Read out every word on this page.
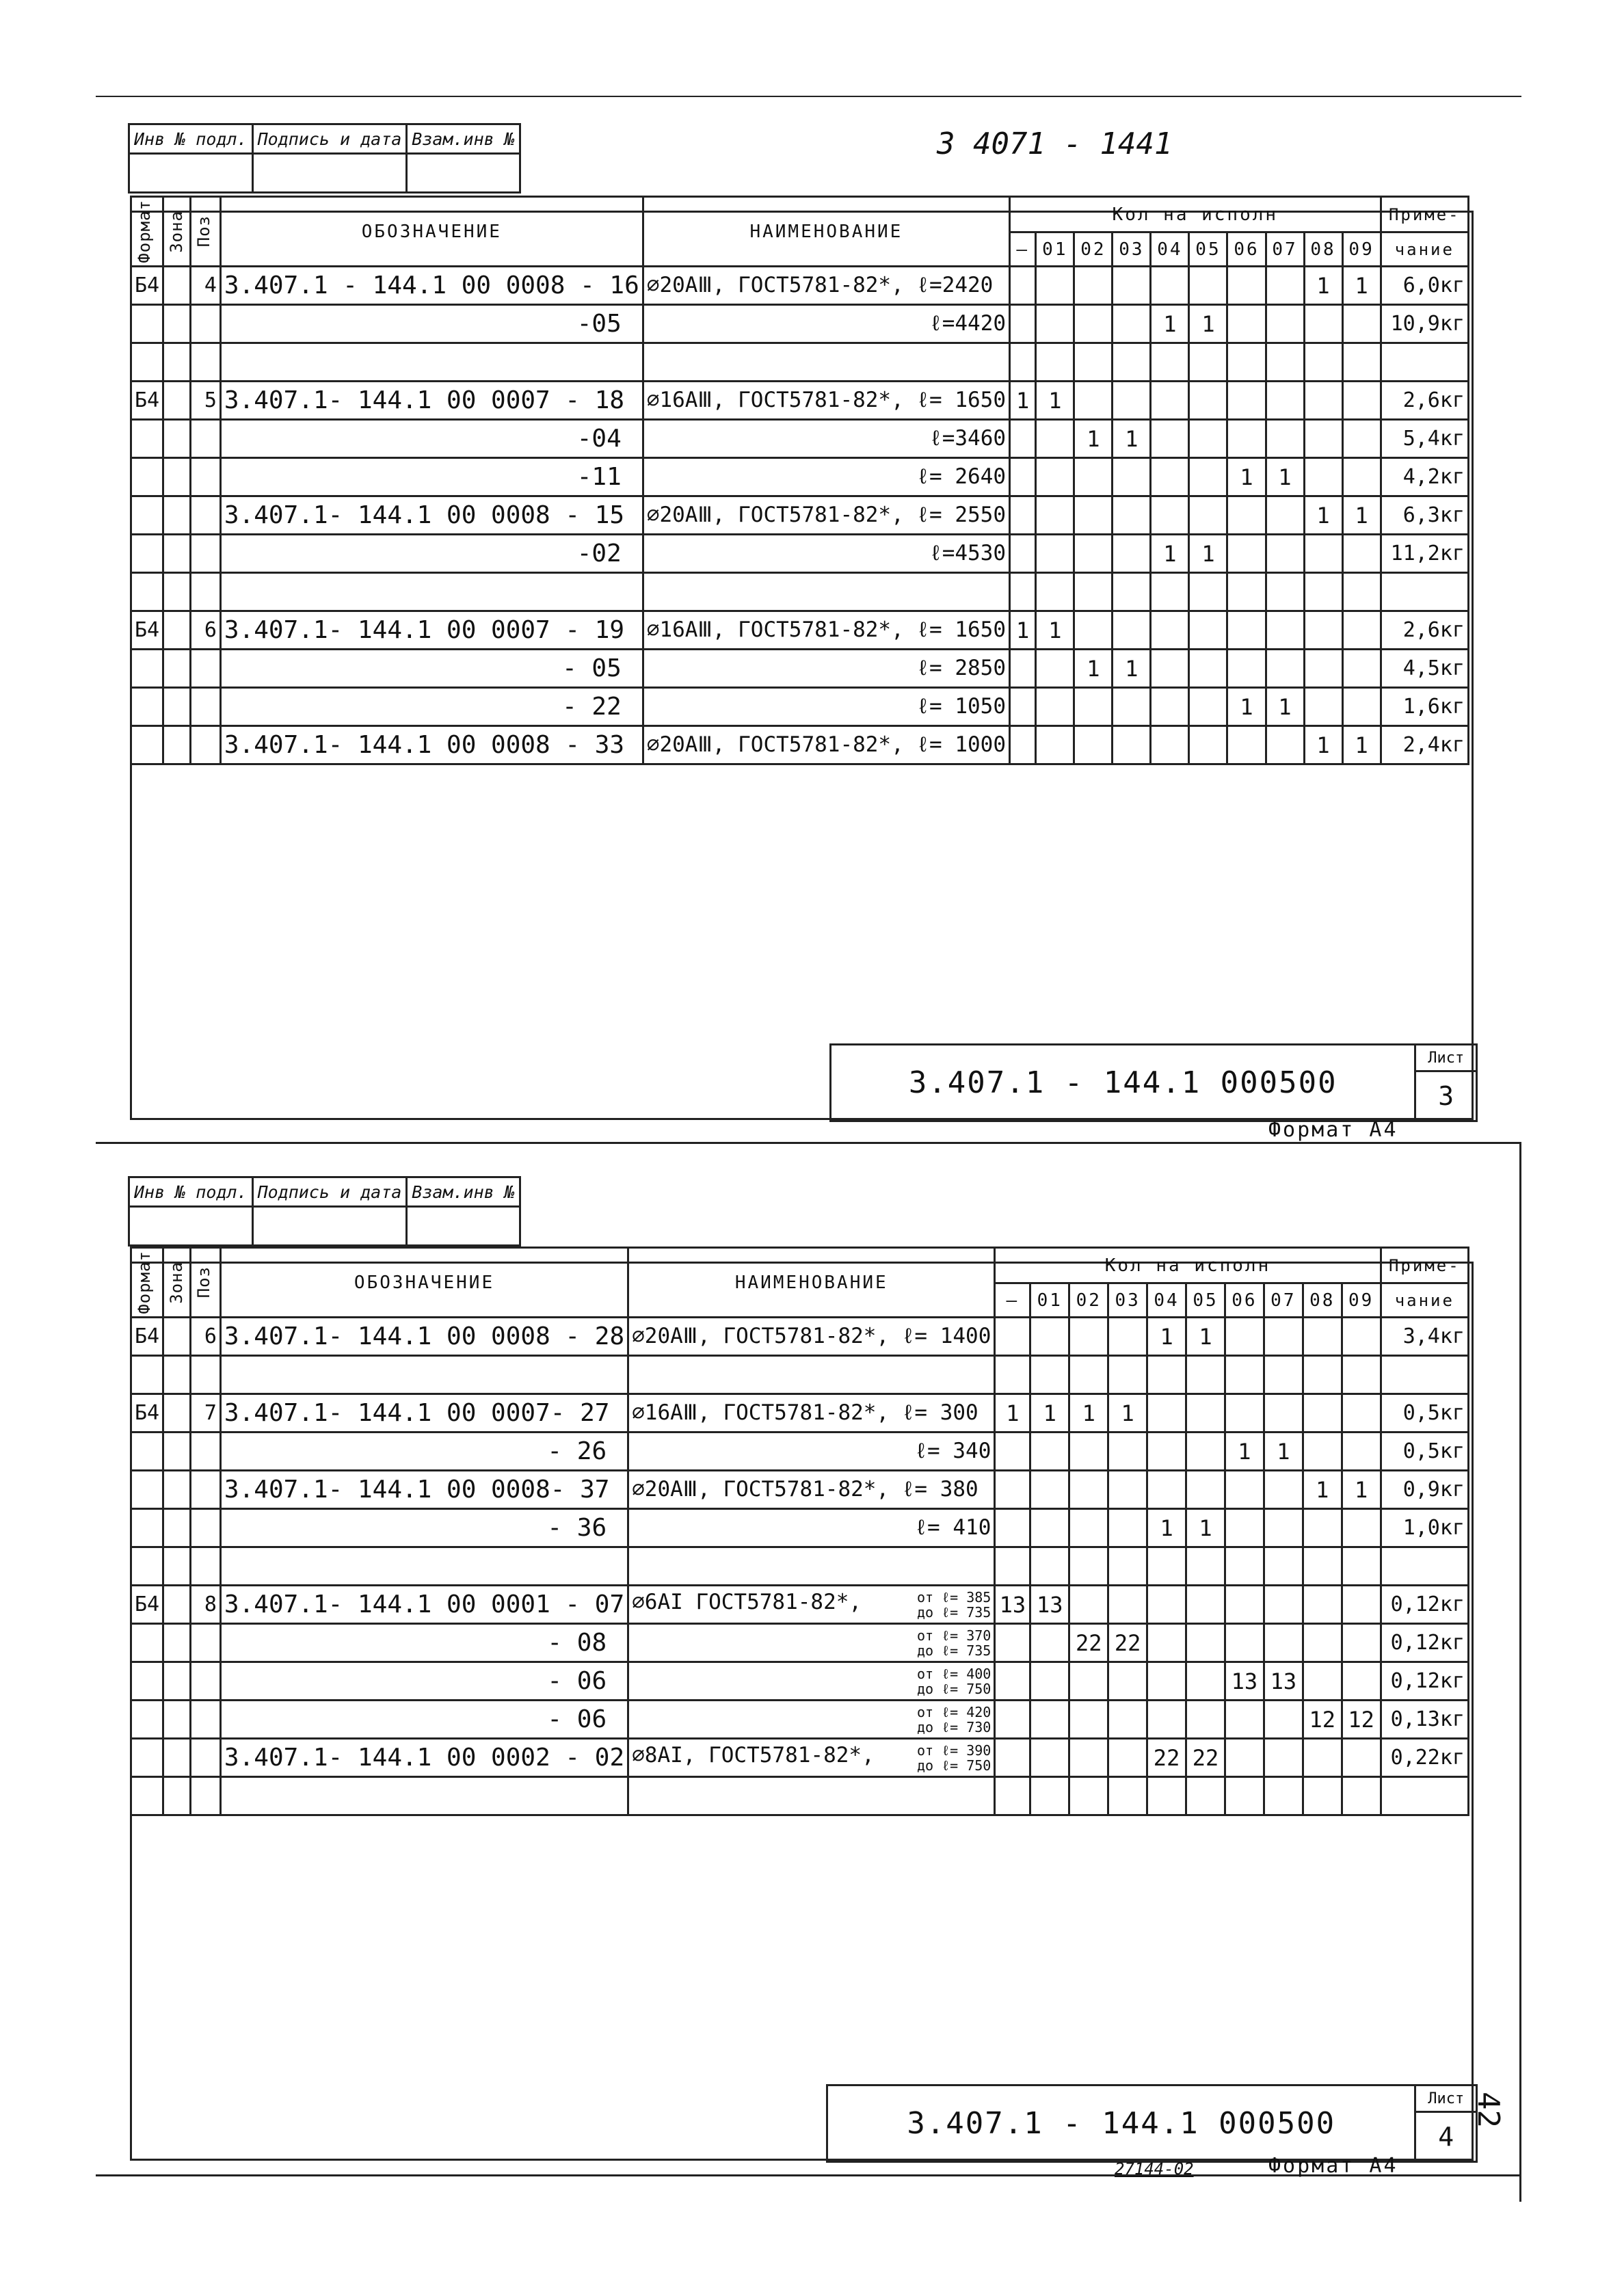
3 4071 - 1441
Инв № подл.	Подпись и дата	Взам.инв №

Формат	Зона	Поз	ОБОЗНАЧЕНИЕ	НАИМЕНОВАНИЕ	Кол на исполн										Приме-
					—	01	02	03	04	05	06	07	08	09	чание
Б4		4	3.407.1 - 144.1 00 0008 - 16	⌀20АⅢ, ГОСТ5781-82*, ℓ=2420									1	1	6,0кг
			-05	ℓ=4420					1	1					10,9кг

Б4		5	3.407.1- 144.1 00 0007 - 18	⌀16АⅢ, ГОСТ5781-82*, ℓ= 1650	1	1									2,6кг
			-04	ℓ=3460			1	1							5,4кг
			-11	ℓ= 2640							1	1			4,2кг
			3.407.1- 144.1 00 0008 - 15	⌀20АⅢ, ГОСТ5781-82*, ℓ= 2550									1	1	6,3кг
			-02	ℓ=4530					1	1					11,2кг

Б4		6	3.407.1- 144.1 00 0007 - 19	⌀16АⅢ, ГОСТ5781-82*, ℓ= 1650	1	1									2,6кг
			- 05	ℓ= 2850			1	1							4,5кг
			- 22	ℓ= 1050							1	1			1,6кг
			3.407.1- 144.1 00 0008 - 33	⌀20АⅢ, ГОСТ5781-82*, ℓ= 1000									1	1	2,4кг
3.407.1 - 144.1 000500	Лист
3
Формат А4
Инв № подл.	Подпись и дата	Взам.инв №

Формат	Зона	Поз	ОБОЗНАЧЕНИЕ	НАИМЕНОВАНИЕ	Кол на исполн										Приме-
					—	01	02	03	04	05	06	07	08	09	чание
Б4		6	3.407.1- 144.1 00 0008 - 28	⌀20АⅢ, ГОСТ5781-82*, ℓ= 1400					1	1					3,4кг

Б4		7	3.407.1- 144.1 00 0007- 27	⌀16АⅢ, ГОСТ5781-82*, ℓ= 300	1	1	1	1							0,5кг
			- 26	ℓ= 340							1	1			0,5кг
			3.407.1- 144.1 00 0008- 37	⌀20АⅢ, ГОСТ5781-82*, ℓ= 380									1	1	0,9кг
			- 36	ℓ= 410					1	1					1,0кг

Б4		8	3.407.1- 144.1 00 0001 - 07	⌀6АI ГОСТ5781-82*, от ℓ= 385
до ℓ= 735	13	13									0,12кг
			- 08	от ℓ= 370
до ℓ= 735			22	22							0,12кг
			- 06	от ℓ= 400
до ℓ= 750							13	13			0,12кг
			- 06	от ℓ= 420
до ℓ= 730									12	12	0,13кг
			3.407.1- 144.1 00 0002 - 02	⌀8АI, ГОСТ5781-82*, от ℓ= 390
до ℓ= 750					22	22					0,22кг

3.407.1 - 144.1 000500	Лист
4
27144-02	Формат А4
42
